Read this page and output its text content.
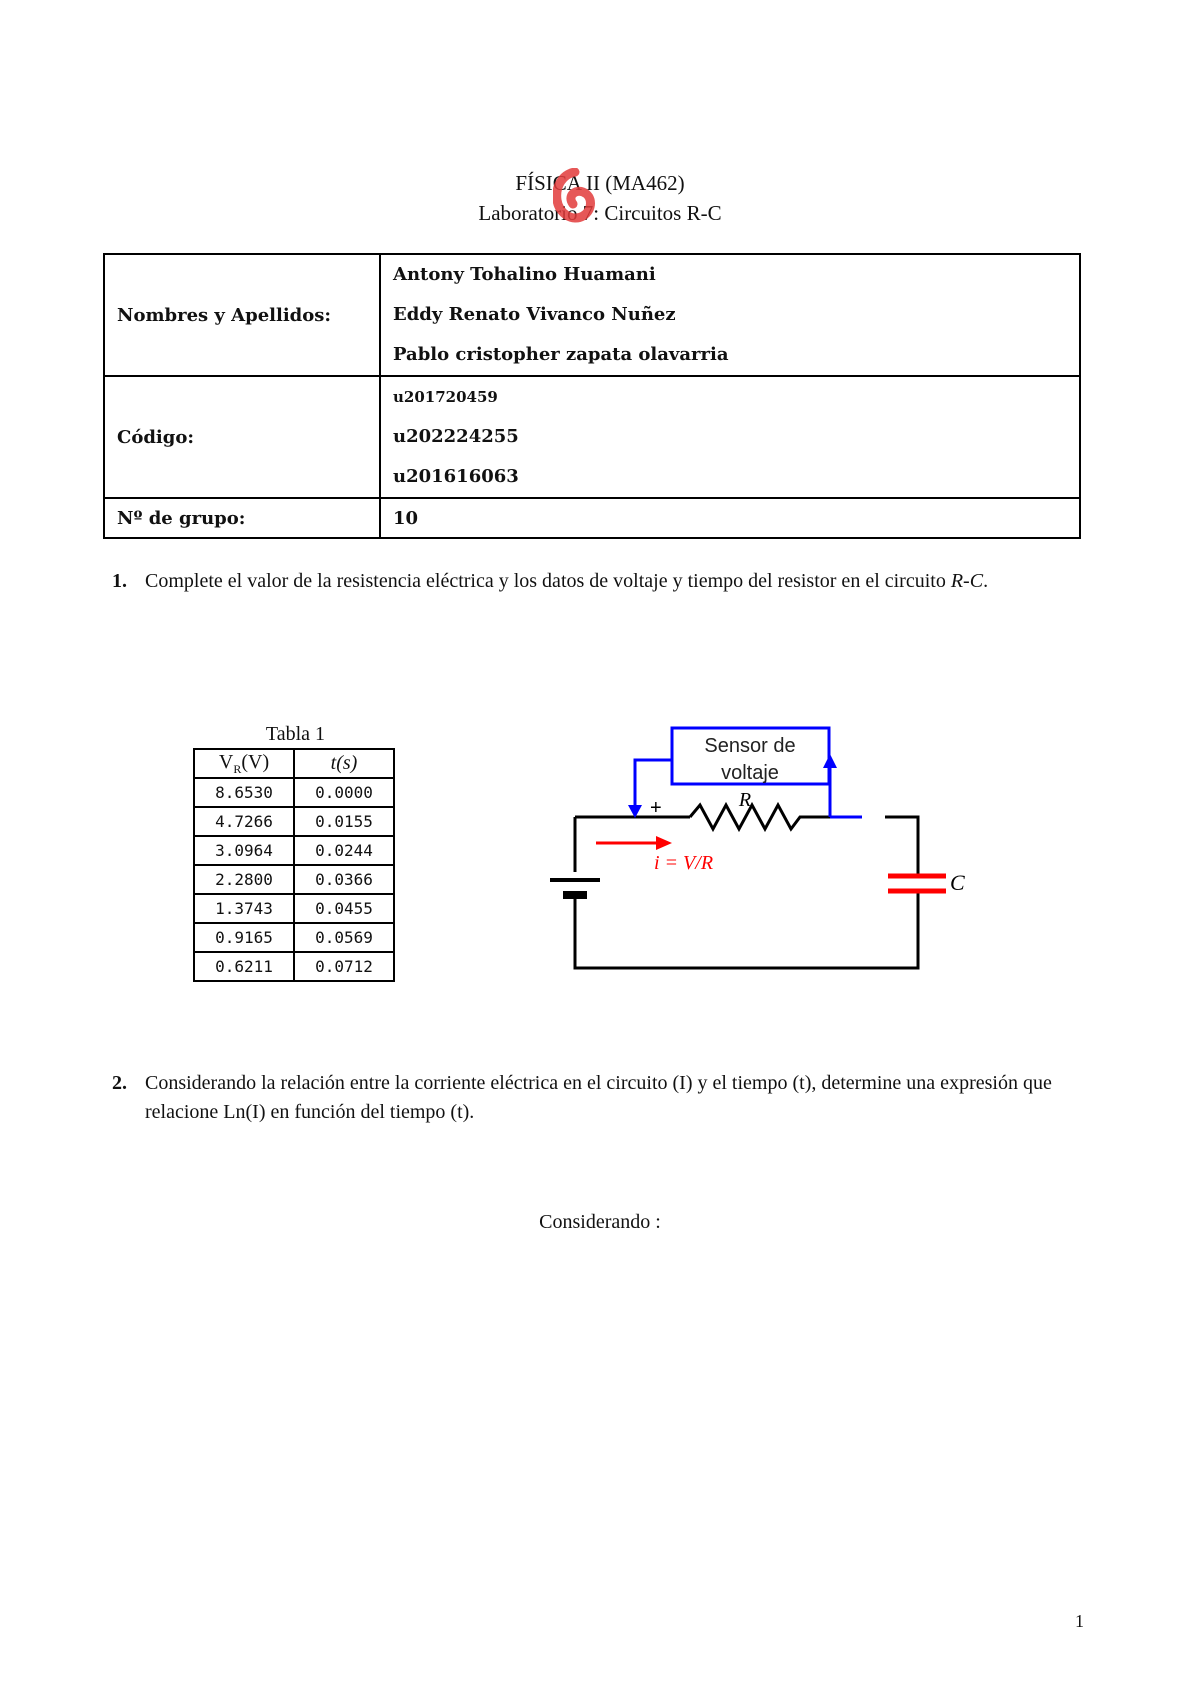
FÍSICA II (MA462)
Laboratorio 7: Circuitos R-C
Nombres y Apellidos:	Antony Tohalino Huamani
Eddy Renato Vivanco Nuñez
Pablo cristopher zapata olavarria

Código:	u201720459
u202224255
u201616063

Nº de grupo:	10
1. Complete el valor de la resistencia eléctrica y los datos de voltaje y tiempo del resistor en el circuito R-C.
Tabla 1
$V_R(V)$	t(s)
8.6530	0.0000
4.7266	0.0155
3.0964	0.0244
2.2800	0.0366
1.3743	0.0455
0.9165	0.0569
0.6211	0.0712
Sensor de
voltaje
R
+
i = V/R
C
2. Considerando la relación entre la corriente eléctrica en el circuito (I) y el tiempo (t), determine una expresión que relacione Ln(I) en función del tiempo (t).
Considerando :
1
